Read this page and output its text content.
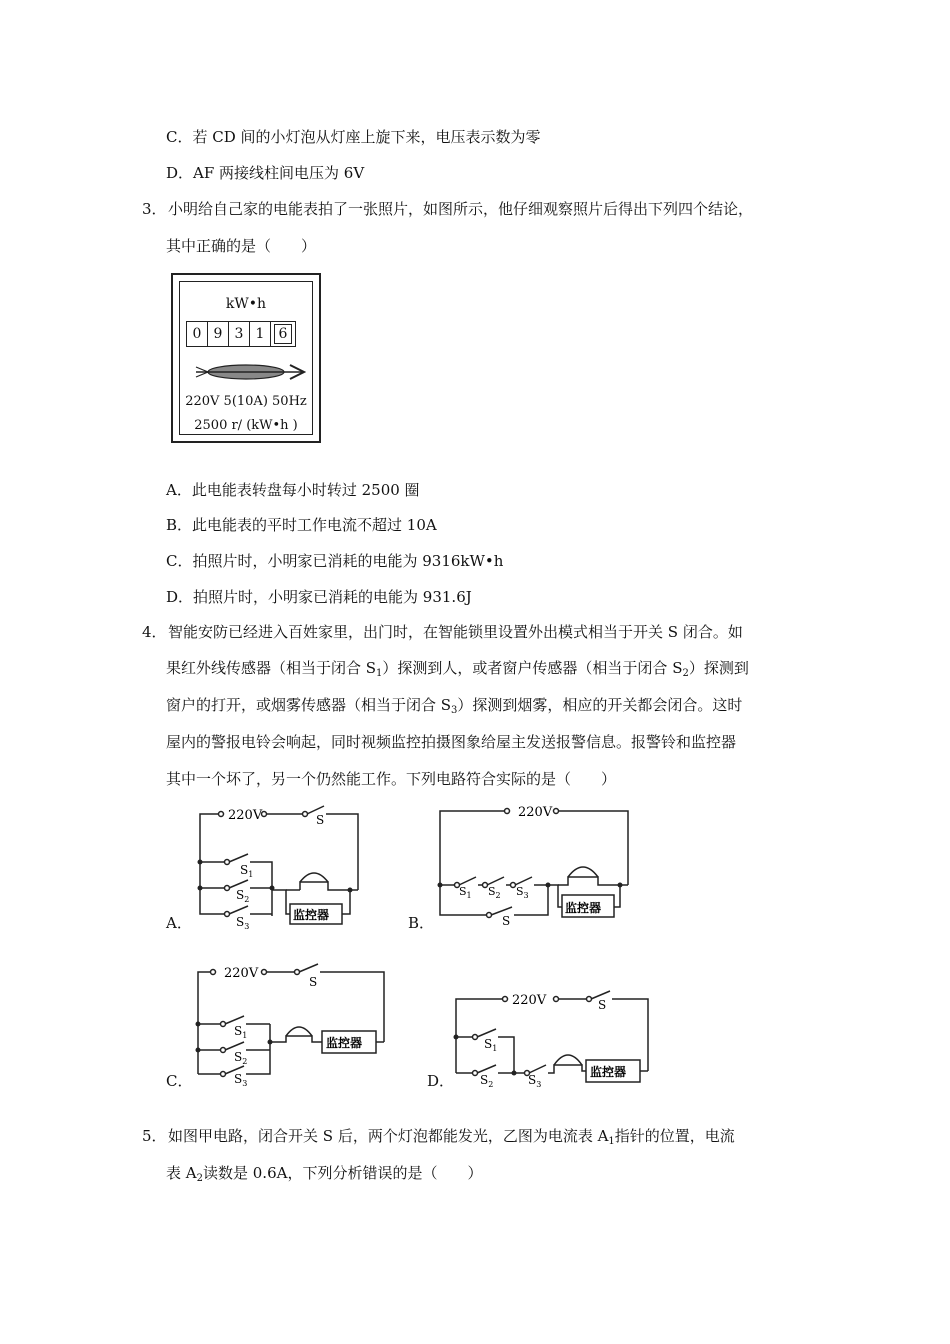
C．若 CD 间的小灯泡从灯座上旋下来，电压表示数为零
D．AF 两接线柱间电压为 6V
3． 小明给自己家的电能表拍了一张照片，如图所示，他仔细观察照片后得出下列四个结论，
其中正确的是（　　）
kW•h
0 9 3 1	6
220V 5(10A) 50Hz
2500 r/ (kW•h )
A．此电能表转盘每小时转过 2500 圈
B．此电能表的平时工作电流不超过 10A
C．拍照片时，小明家已消耗的电能为 9316kW•h
D．拍照片时，小明家已消耗的电能为 931.6J
4． 智能安防已经进入百姓家里，出门时，在智能锁里设置外出模式相当于开关 S 闭合。如
果红外线传感器（相当于闭合 $S_1$）探测到人，或者窗户传感器（相当于闭合 $S_2$）探测到
窗户的打开，或烟雾传感器（相当于闭合 $S_3$）探测到烟雾，相应的开关都会闭合。这时
屋内的警报电铃会响起，同时视频监控拍摄图象给屋主发送报警信息。报警铃和监控器
其中一个坏了，另一个仍然能工作。下列电路符合实际的是（　　）
A．
220V	S
$S_1$
$S_2$
$S_3$
监控器	B．
220V
$S_1$ $S_2$ $S_3$
S
监控器
C．
220V
S
$S_1$
$S_2$
$S_3$
监控器
D．
220V	S
$S_1$
$S_2$	$S_3$
监控器
5． 如图甲电路，闭合开关 S 后，两个灯泡都能发光，乙图为电流表 $A_1$指针的位置，电流
表 $A_2$读数是 0.6A，下列分析错误的是（　　）
